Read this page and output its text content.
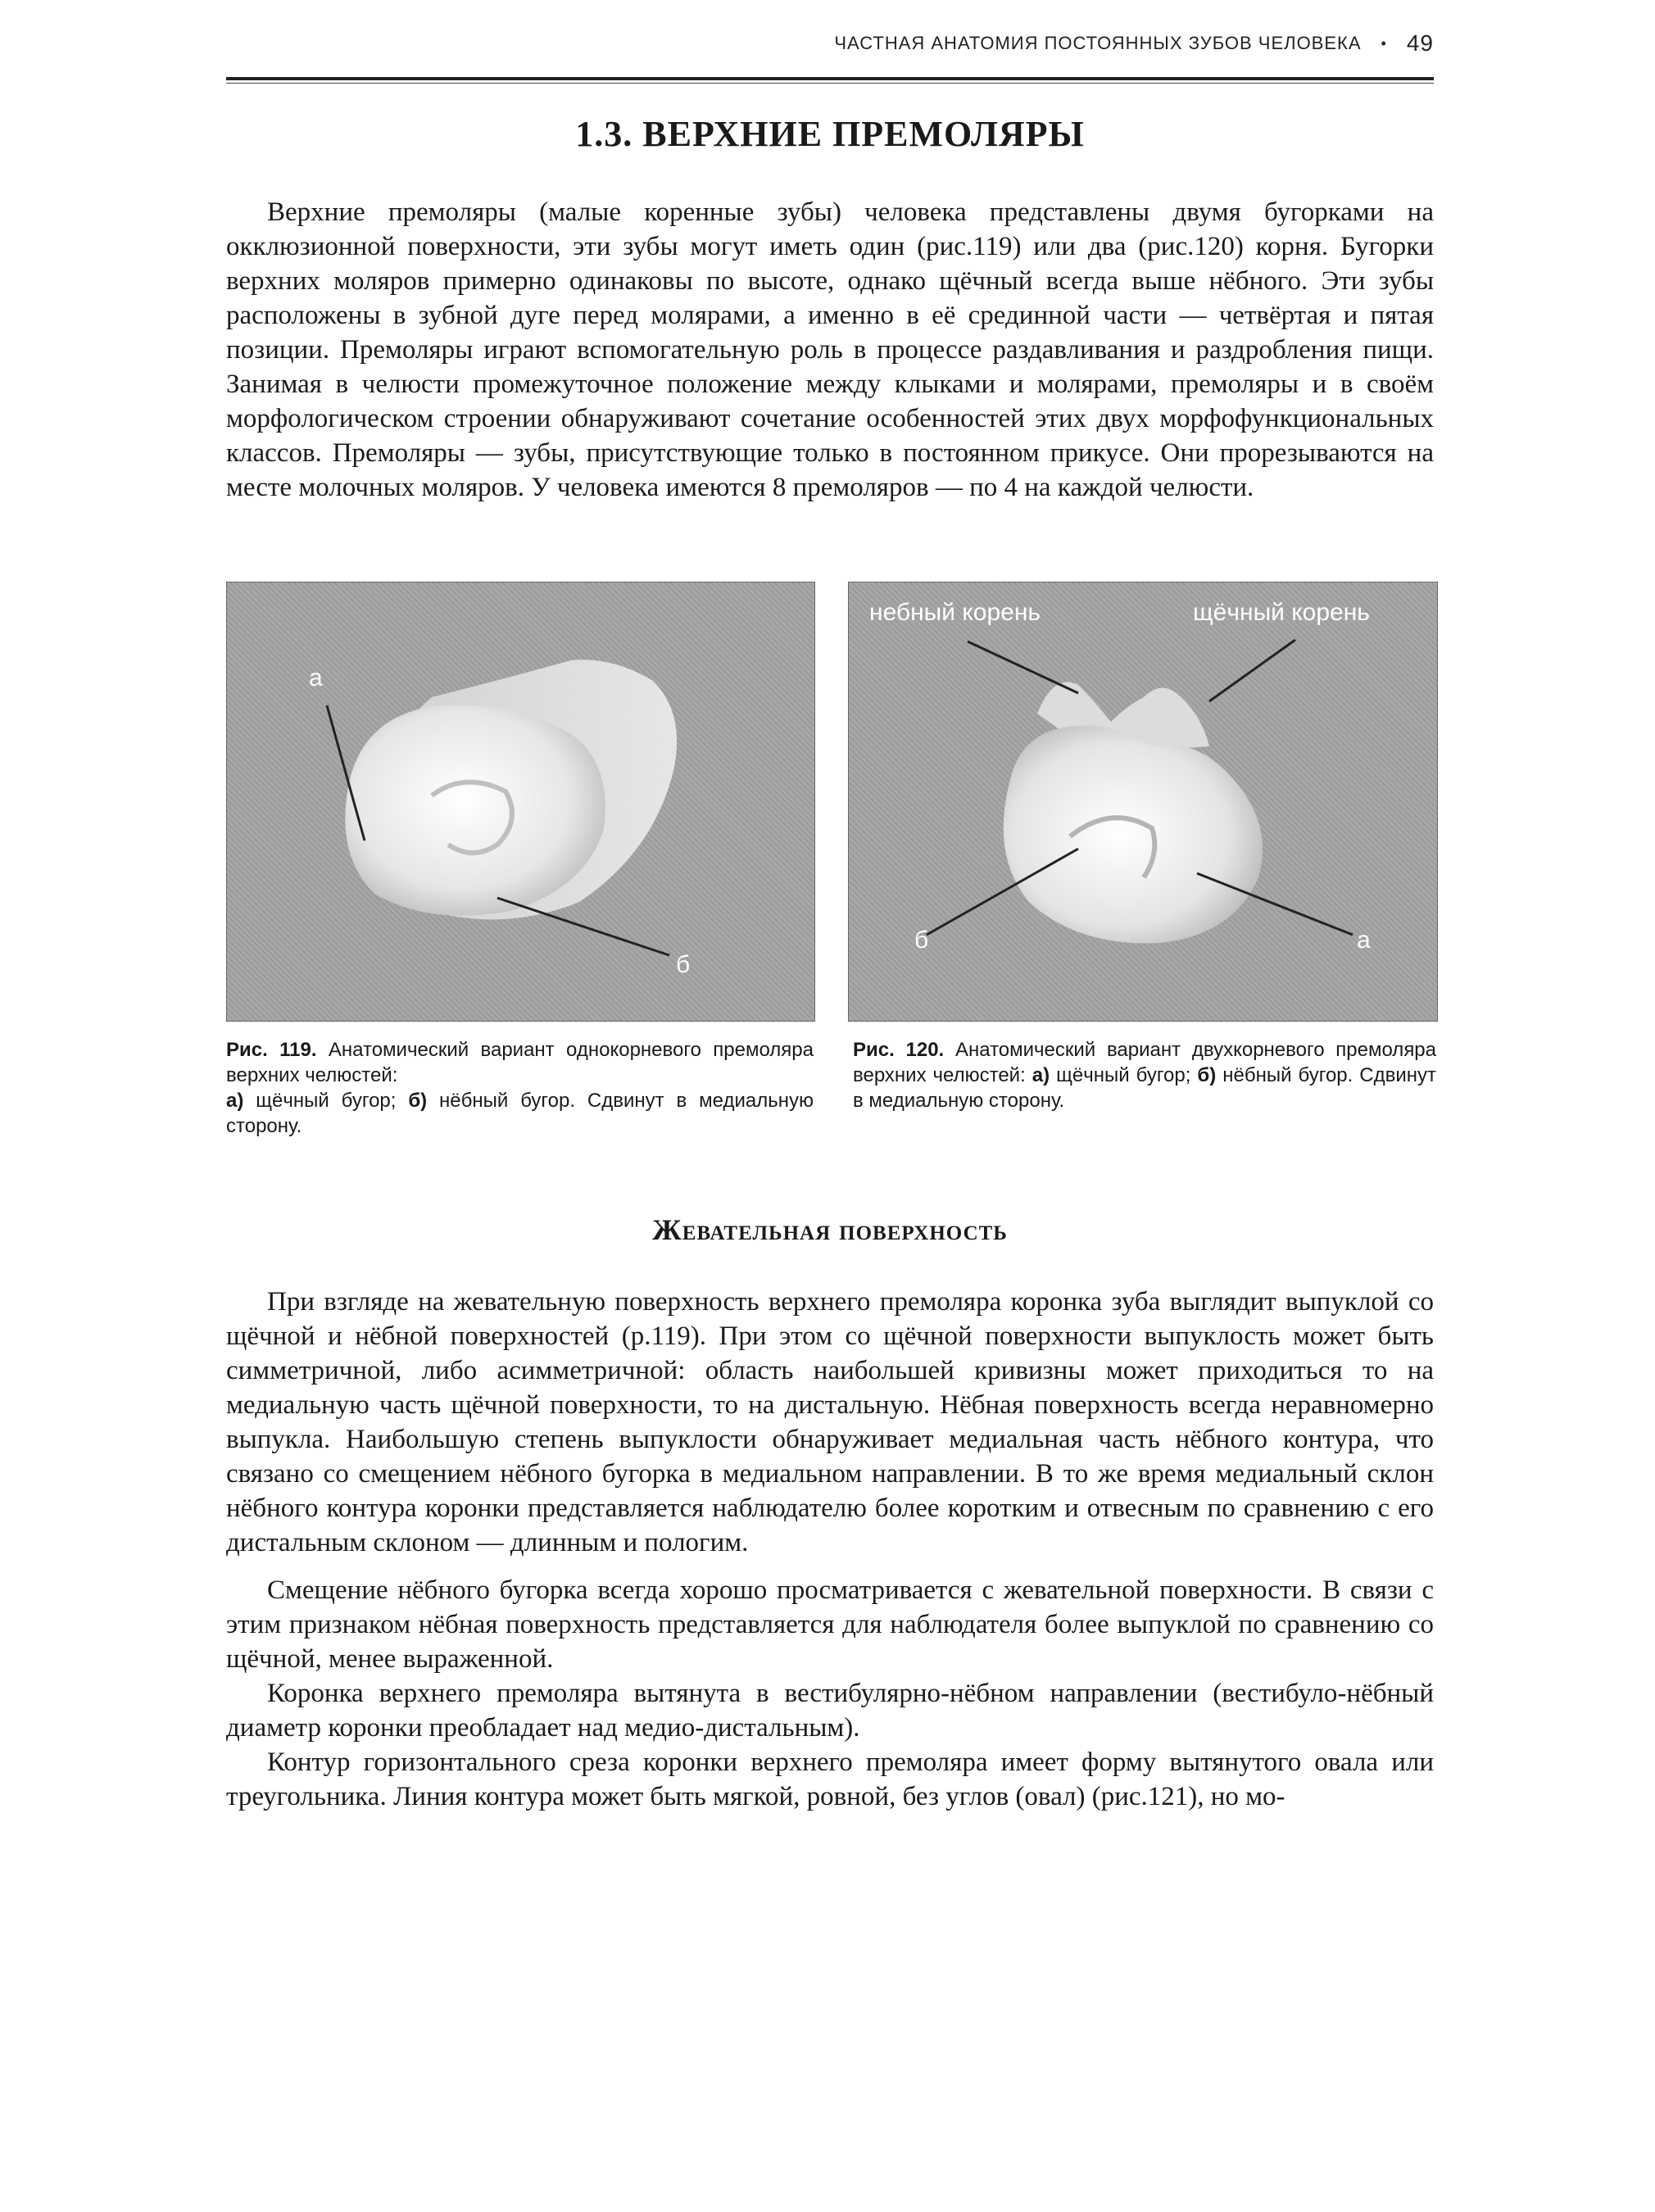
ЧАСТНАЯ АНАТОМИЯ ПОСТОЯННЫХ ЗУБОВ ЧЕЛОВЕКА • 49
1.3. ВЕРХНИЕ ПРЕМОЛЯРЫ

Верхние премоляры (малые коренные зубы) человека представлены двумя бугорками на окклюзионной поверхности, эти зубы могут иметь один (рис.119) или два (рис.120) корня. Бугорки верхних моляров примерно одинаковы по высоте, однако щёчный всегда выше нёбного. Эти зубы расположены в зубной дуге перед молярами, а именно в её срединной части — четвёртая и пятая позиции. Премоляры играют вспомогательную роль в процессе раздавливания и раздробления пищи. Занимая в челюсти промежуточное положение между клыками и молярами, премоляры и в своём морфологическом строении обнаруживают сочетание особенностей этих двух морфофункциональных классов. Премоляры — зубы, присутствующие только в постоянном прикусе. Они прорезываются на месте молочных моляров. У человека имеются 8 премоляров — по 4 на каждой челюсти.

а
б
небный корень	щёчный корень
б	а

Рис. 119. Анатомический вариант однокорневого премоляра верхних челюстей:
а) щёчный бугор; б) нёбный бугор. Сдвинут в медиальную сторону.

Рис. 120. Анатомический вариант двухкорневого премоляра верхних челюстей: а) щёчный бугор; б) нёбный бугор. Сдвинут в медиальную сторону.

Жевательная поверхность

При взгляде на жевательную поверхность верхнего премоляра коронка зуба выглядит выпуклой со щёчной и нёбной поверхностей (р.119). При этом со щёчной поверхности выпуклость может быть симметричной, либо асимметричной: область наибольшей кривизны может приходиться то на медиальную часть щёчной поверхности, то на дистальную. Нёбная поверхность всегда неравномерно выпукла. Наибольшую степень выпуклости обнаруживает медиальная часть нёбного контура, что связано со смещением нёбного бугорка в медиальном направлении. В то же время медиальный склон нёбного контура коронки представляется наблюдателю более коротким и отвесным по сравнению с его дистальным склоном — длинным и пологим.

Смещение нёбного бугорка всегда хорошо просматривается с жевательной поверхности. В связи с этим признаком нёбная поверхность представляется для наблюдателя более выпуклой по сравнению со щёчной, менее выраженной.

Коронка верхнего премоляра вытянута в вестибулярно-нёбном направлении (вестибуло-нёбный диаметр коронки преобладает над медио-дистальным).

Контур горизонтального среза коронки верхнего премоляра имеет форму вытянутого овала или треугольника. Линия контура может быть мягкой, ровной, без углов (овал) (рис.121), но мо-
